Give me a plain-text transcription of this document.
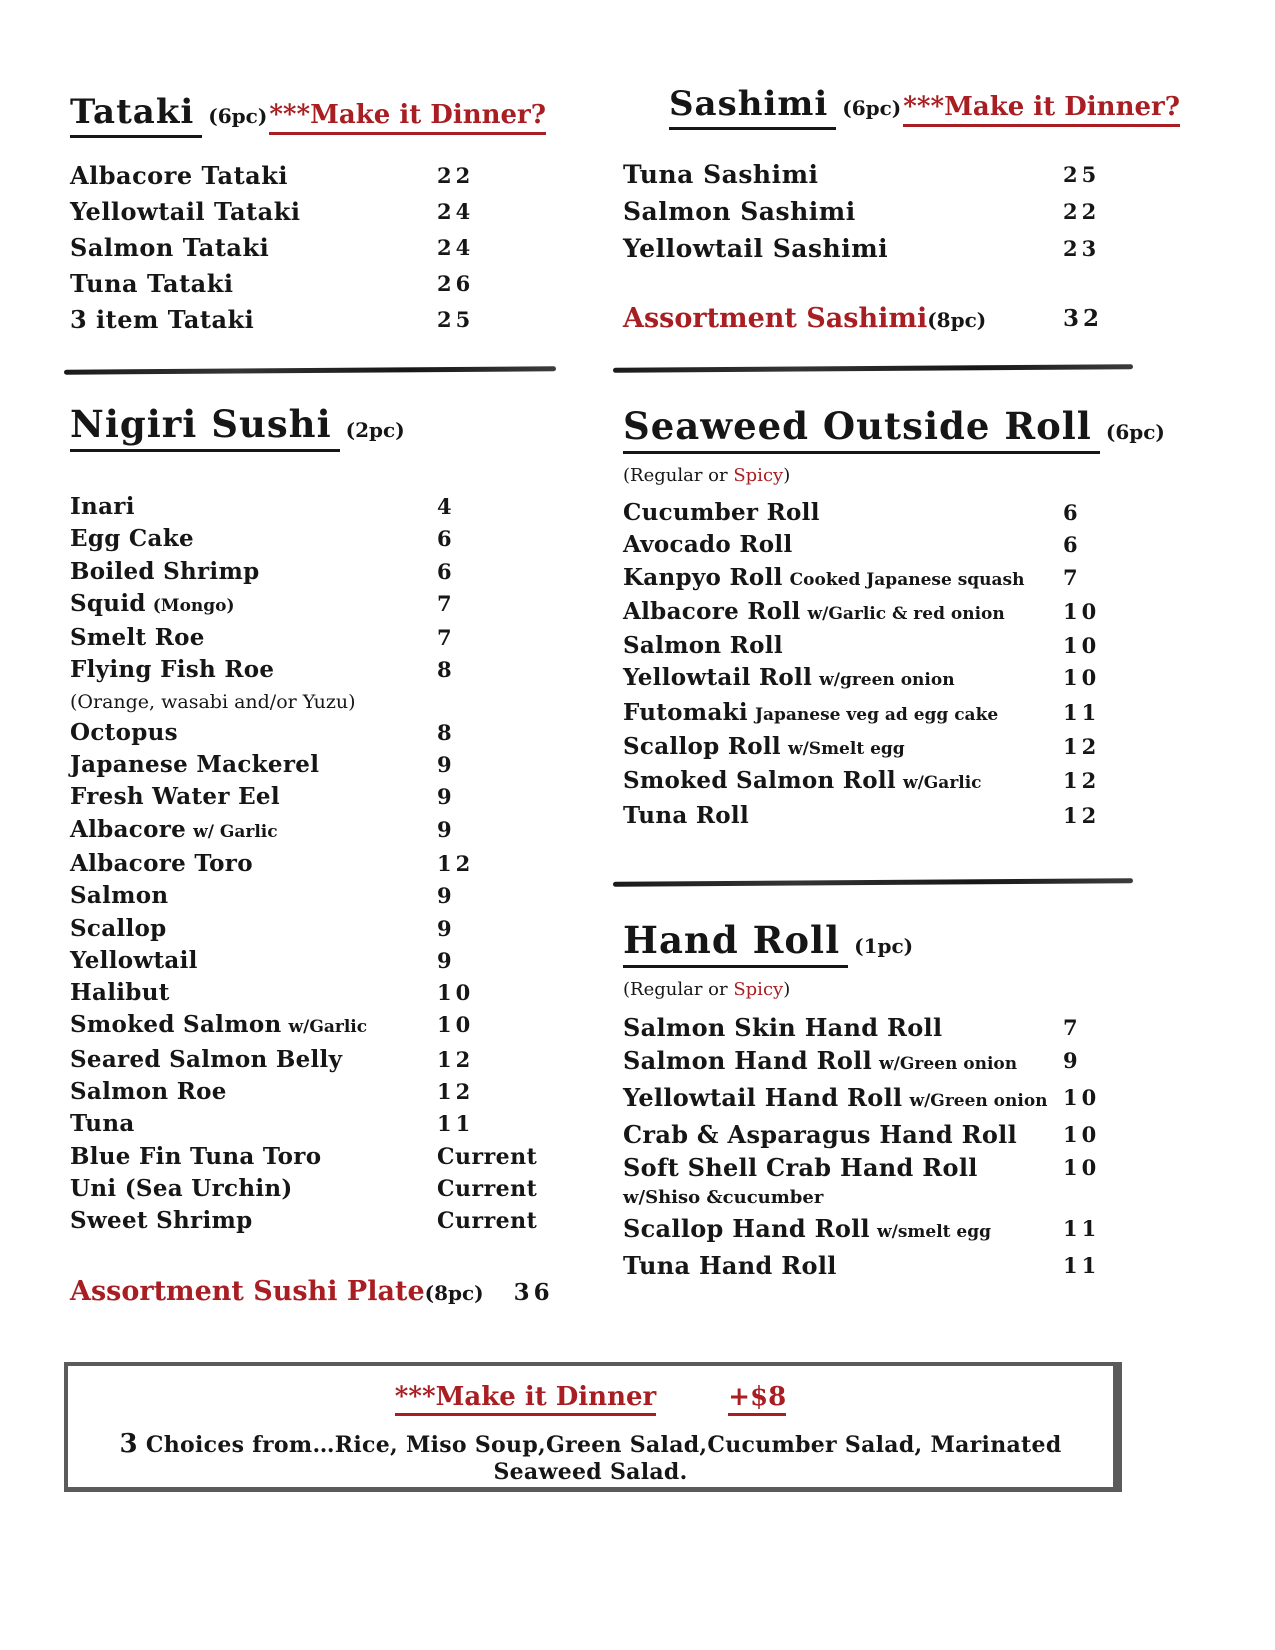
Tataki (6pc)***Make it Dinner?
Albacore Tataki	22
Yellowtail Tataki	24
Salmon Tataki	24
Tuna Tataki	26
3 item Tataki	25
Nigiri Sushi (2pc)
Inari	4
Egg Cake	6
Boiled Shrimp	6
Squid (Mongo)	7
Smelt Roe	7
Flying Fish Roe	8
(Orange, wasabi and/or Yuzu)
Octopus	8
Japanese Mackerel	9
Fresh Water Eel	9
Albacore w/ Garlic	9
Albacore Toro	12
Salmon	9
Scallop	9
Yellowtail	9
Halibut	10
Smoked Salmon w/Garlic	10
Seared Salmon Belly	12
Salmon Roe	12
Tuna	11
Blue Fin Tuna Toro	Current
Uni (Sea Urchin)	Current
Sweet Shrimp	Current
Assortment Sushi Plate(8pc) 36
Sashimi (6pc)***Make it Dinner?
Tuna Sashimi	25
Salmon Sashimi	22
Yellowtail Sashimi	23
Assortment Sashimi(8pc)	32
Seaweed Outside Roll (6pc)
(Regular or Spicy)
Cucumber Roll	6
Avocado Roll	6
Kanpyo Roll Cooked Japanese squash 7
Albacore Roll w/Garlic & red onion	10
Salmon Roll	10
Yellowtail Roll w/green onion	10
Futomaki Japanese veg ad egg cake	11
Scallop Roll w/Smelt egg	12
Smoked Salmon Roll w/Garlic	12
Tuna Roll	12
Hand Roll (1pc)
(Regular or Spicy)
Salmon Skin Hand Roll	7
Salmon Hand Roll w/Green onion 9
Yellowtail Hand Roll w/Green onion 10
Crab & Asparagus Hand Roll 10
Soft Shell Crab Hand Roll	10
w/Shiso &cucumber
Scallop Hand Roll w/smelt egg	11
Tuna Hand Roll	11
***Make it Dinner	+$8
3 Choices from…Rice, Miso Soup,Green Salad,Cucumber Salad, Marinated Seaweed Salad.
